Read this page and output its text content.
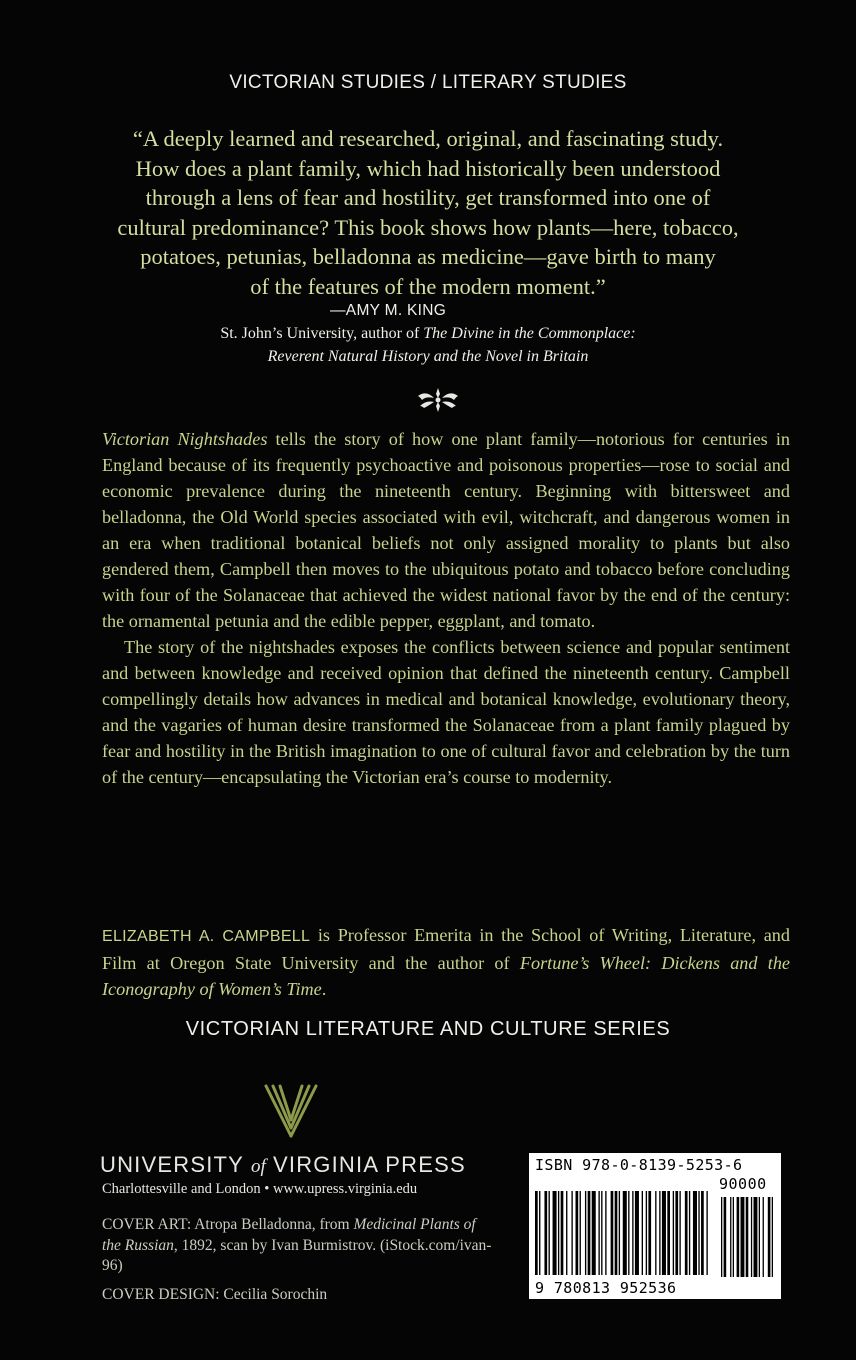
VICTORIAN STUDIES / LITERARY STUDIES

“A deeply learned and researched, original, and fascinating study.

How does a plant family, which had historically been understood

through a lens of fear and hostility, get transformed into one of

cultural predominance? This book shows how plants—here, tobacco,

potatoes, petunias, belladonna as medicine—gave birth to many

of the features of the modern moment.”

—AMY M. KING
St. John’s University, author of The Divine in the Commonplace:
Reverent Natural History and the Novel in Britain

Victorian Nightshades tells the story of how one plant family—notorious for centuries in England because of its frequently psychoactive and poisonous properties—rose to social and economic prevalence during the nineteenth century. Beginning with bittersweet and belladonna, the Old World species associated with evil, witchcraft, and dangerous women in an era when traditional botanical beliefs not only assigned morality to plants but also gendered them, Campbell then moves to the ubiquitous potato and tobacco before concluding with four of the Solanaceae that achieved the widest national favor by the end of the century: the ornamental petunia and the edible pepper, eggplant, and tomato.

The story of the nightshades exposes the conflicts between science and popular sentiment and between knowledge and received opinion that defined the nineteenth century. Campbell compellingly details how advances in medical and botanical knowledge, evolutionary theory, and the vagaries of human desire transformed the Solanaceae from a plant family plagued by fear and hostility in the British imagination to one of cultural favor and celebration by the turn of the century—encapsulating the Victorian era’s course to modernity.

ELIZABETH A. CAMPBELL is Professor Emerita in the School of Writing, Literature, and Film at Oregon State University and the author of Fortune’s Wheel: Dickens and the Iconography of Women’s Time.

VICTORIAN LITERATURE AND CULTURE SERIES
UNIVERSITY of VIRGINIA PRESS
Charlottesville and London • www.upress.virginia.edu

COVER ART: Atropa Belladonna, from Medicinal Plants of the Russian, 1892, scan by Ivan Burmistrov. (iStock.com/ivan-96)

COVER DESIGN: Cecilia Sorochin

ISBN 978-0-8139-5253-6
90000
9 780813 952536
